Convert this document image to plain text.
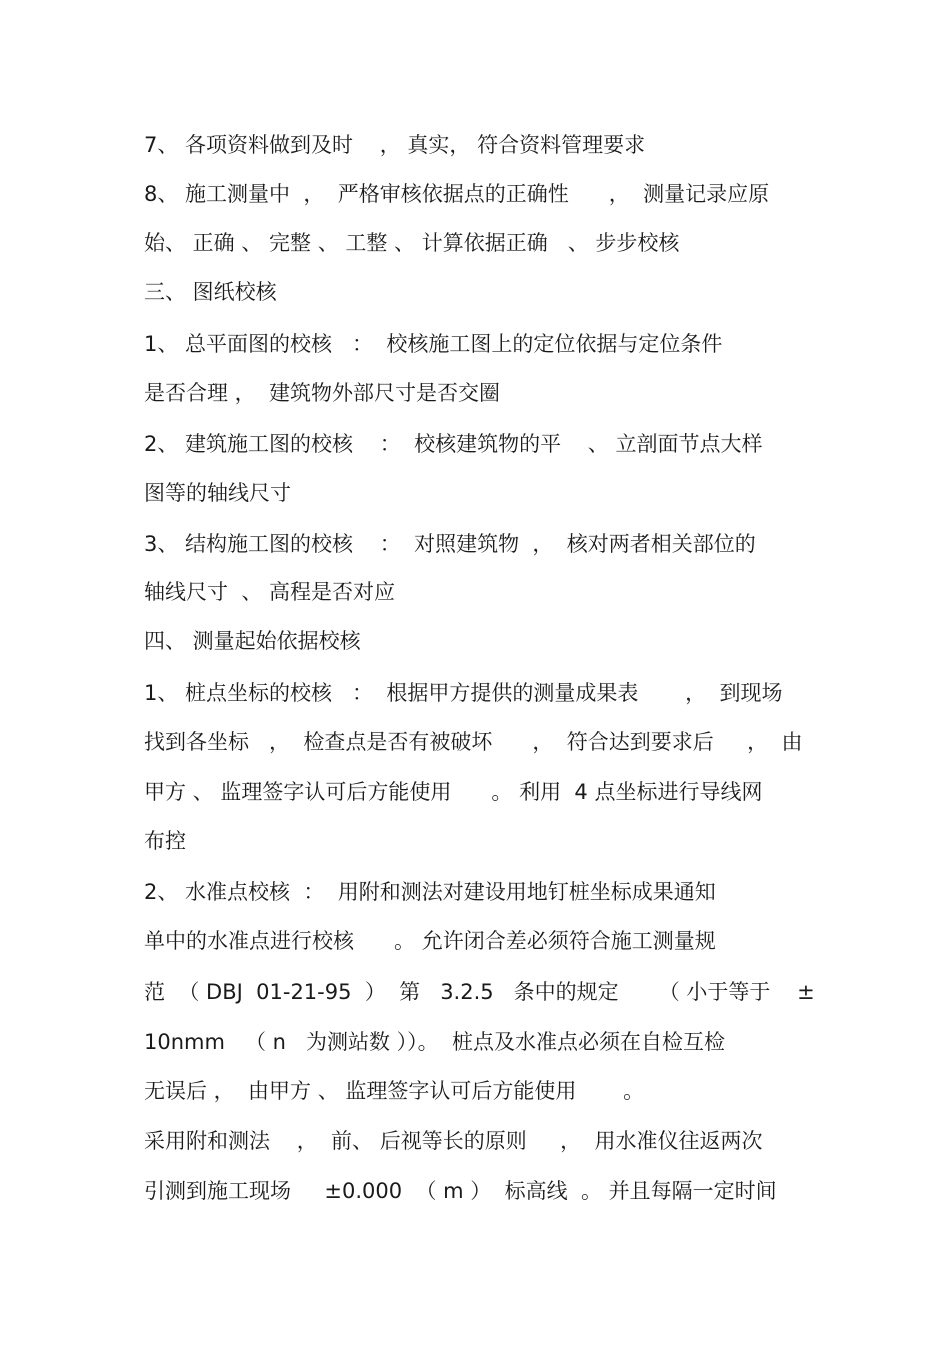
7、 各项资料做到及时    ， 真实， 符合资料管理要求
8、 施工测量中  ，  严格审核依据点的正确性      ，  测量记录应原
始、 正确 、 完整 、 工整 、 计算依据正确   、 步步校核
三、 图纸校核
1、 总平面图的校核   ：  校核施工图上的定位依据与定位条件
是否合理 ，  建筑物外部尺寸是否交圈
2、 建筑施工图的校核    ：  校核建筑物的平    、 立剖面节点大样
图等的轴线尺寸
3、 结构施工图的校核    ：  对照建筑物  ，  核对两者相关部位的
轴线尺寸  、 高程是否对应
四、 测量起始依据校核
1、 桩点坐标的校核   ：  根据甲方提供的测量成果表       ，  到现场
找到各坐标   ，  检查点是否有被破坏      ，  符合达到要求后     ，  由
甲方 、 监理签字认可后方能使用      。 利用  4 点坐标进行导线网
布控
2、 水准点校核  ：  用附和测法对建设用地钉桩坐标成果通知
单中的水准点进行校核      。 允许闭合差必须符合施工测量规
范  （ DBJ  01-21-95  ）  第   3.2.5   条中的规定      （ 小于等于    ±
10nmm   （ n   为测站数 ））。  桩点及水准点必须在自检互检
无误后 ，  由甲方 、 监理签字认可后方能使用       。
采用附和测法    ，  前、 后视等长的原则     ，  用水准仪往返两次
引测到施工现场     ±0.000  （ m ）  标高线  。 并且每隔一定时间
